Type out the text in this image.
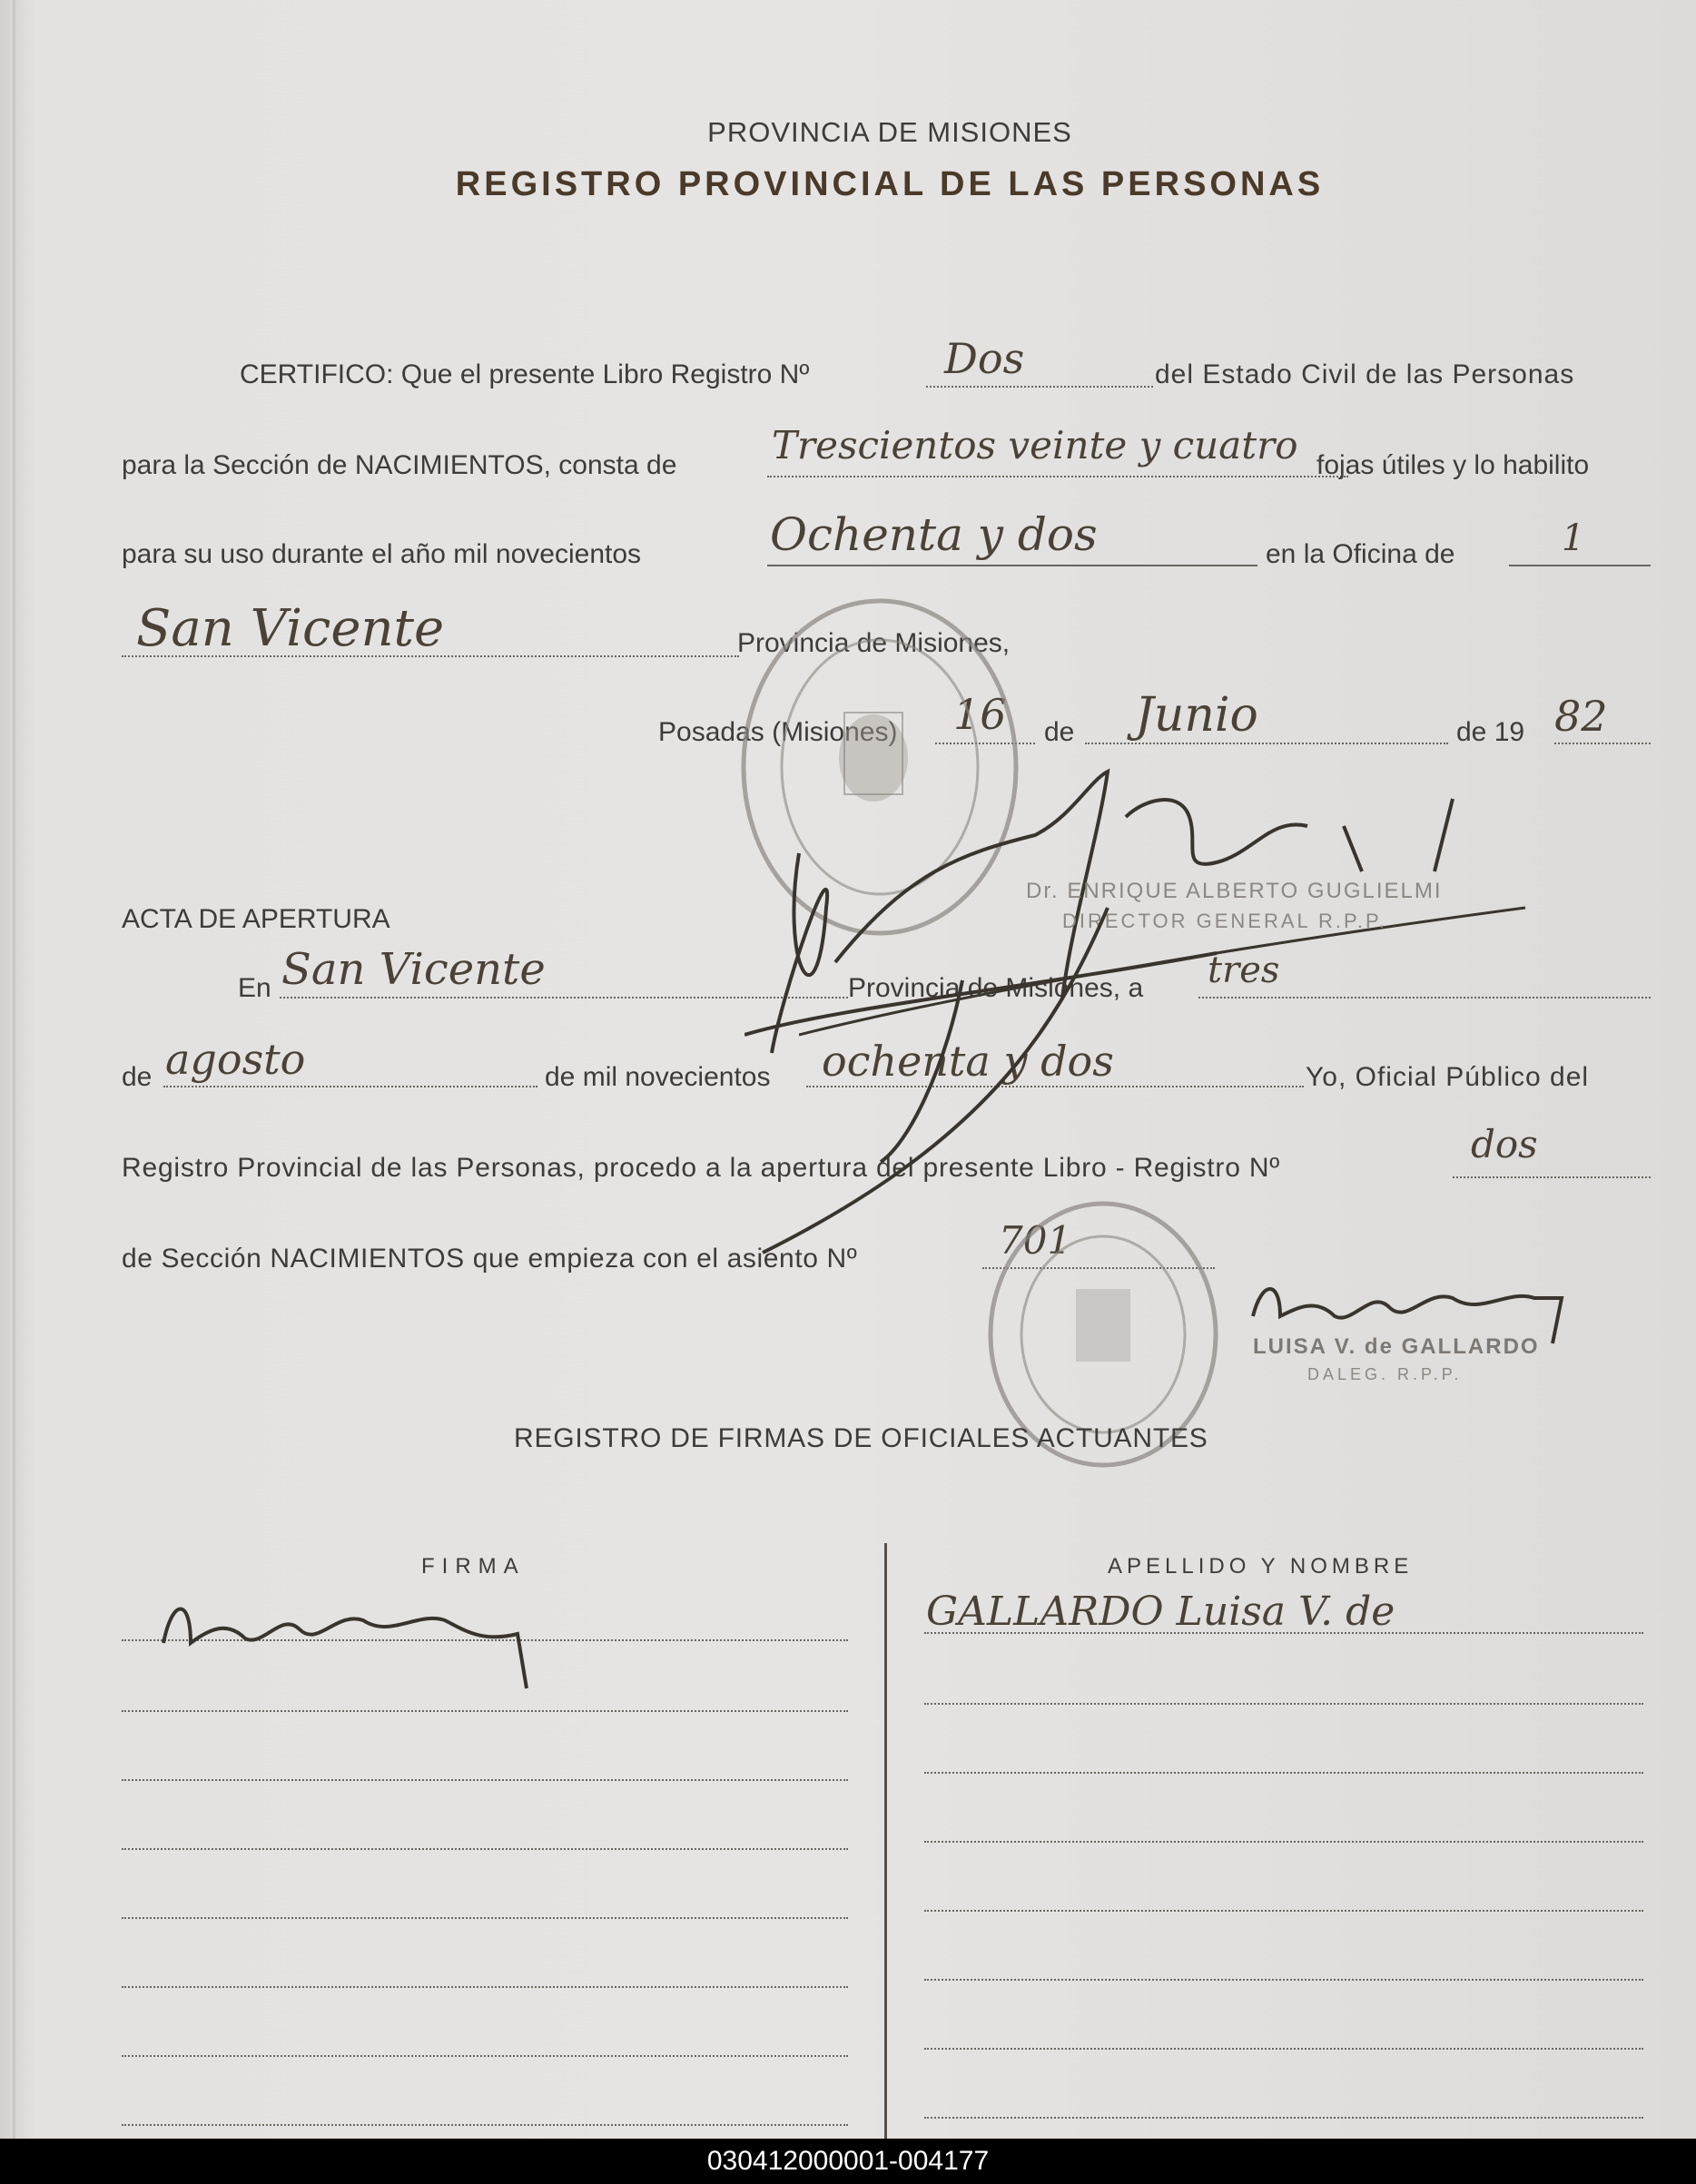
PROVINCIA DE MISIONES
REGISTRO PROVINCIAL DE LAS PERSONAS
CERTIFICO: Que el presente Libro Registro Nº	Dos	del Estado Civil de las Personas
para la Sección de NACIMIENTOS, consta de Trescientos veinte y cuatro fojas útiles y lo habilito
para su uso durante el año mil novecientos	Ochenta y dos	en la Oficina de	1
San Vicente	Provincia de Misiones,
Posadas (Misiones) 16 de Junio	de 19 82
Dr. ENRIQUE ALBERTO GUGLIELMI
DIRECTOR GENERAL R.P.P.
ACTA DE APERTURA
En San Vicente	Provincia de Misiones, a tres
de agosto	de mil novecientos ochenta y dos	Yo, Oficial Público del
Registro Provincial de las Personas, procedo a la apertura del presente Libro - Registro Nº
dos
de Sección NACIMIENTOS que empieza con el asiento Nº	701
LUISA V. de GALLARDO
DALEG. R.P.P.
REGISTRO DE FIRMAS DE OFICIALES ACTUANTES
FIRMA	APELLIDO Y NOMBRE
GALLARDO Luisa V. de
030412000001-004177
